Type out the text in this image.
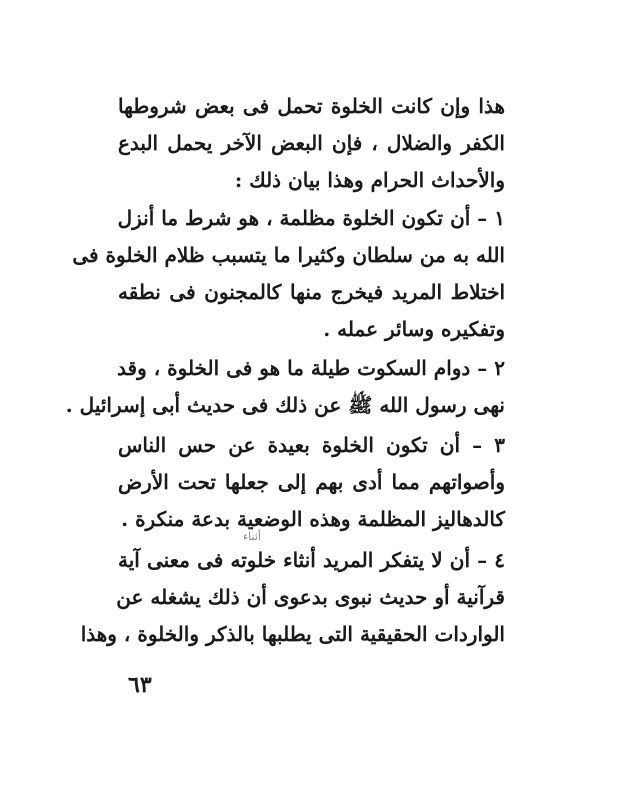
هذا وإن كانت الخلوة تحمل فى بعض شروطها
الكفر والضلال ، فإن البعض الآخر يحمل البدع
والأحداث الحرام وهذا بيان ذلك :
١ – أن تكون الخلوة مظلمة ، هو شرط ما أنزل
الله به من سلطان وكثيرا ما يتسبب ظلام الخلوة فى
اختلاط المريد فيخرج منها كالمجنون فى نطقه
وتفكيره وسائر عمله .
٢ – دوام السكوت طيلة ما هو فى الخلوة ، وقد
نهى رسول الله ﷺ عن ذلك فى حديث أبى إسرائيل .
٣ – أن تكون الخلوة بعيدة عن حس الناس
وأصواتهم مما أدى بهم إلى جعلها تحت الأرض
كالدهاليز المظلمة وهذه الوضعية بدعة منكرة .
٤ – أن لا يتفكر المريد أنثاء خلوته فى معنى آية
قرآنية أو حديث نبوى بدعوى أن ذلك يشغله عن
الواردات الحقيقية التى يطلبها بالذكر والخلوة ، وهذا
أثناء
٦٣
